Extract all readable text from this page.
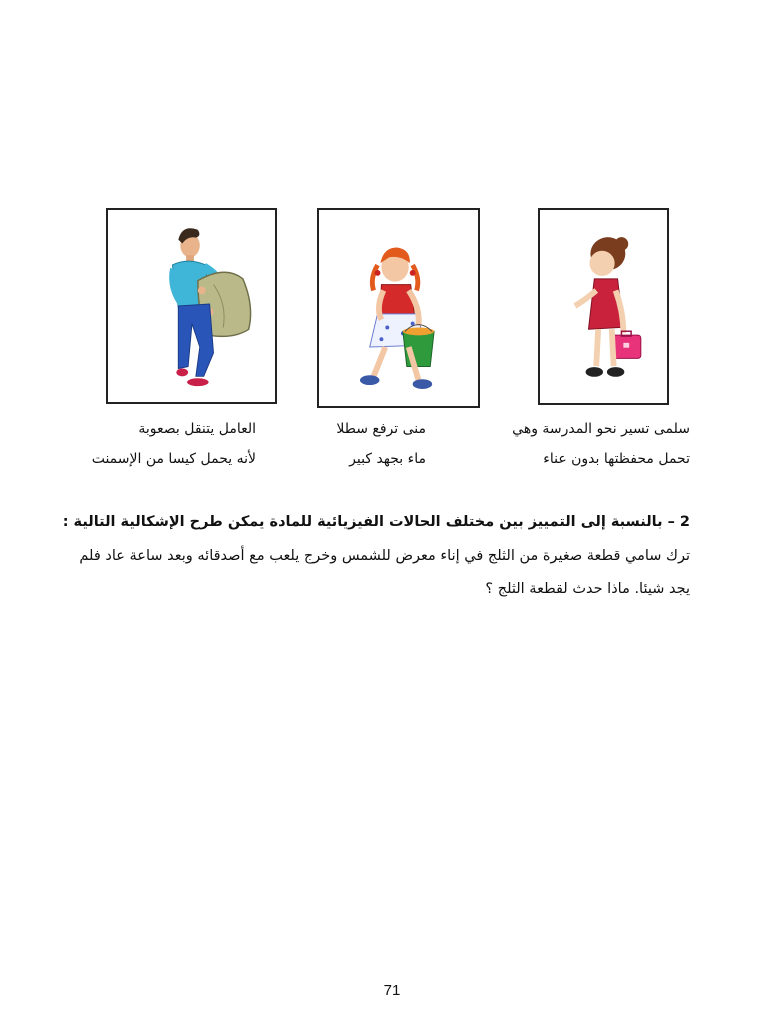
العامل يتنقل بصعوبة
لأنه يحمل كيسا من الإسمنت
منى ترفع سطلا
ماء بجهد كبير
سلمى تسير نحو المدرسة وهي
تحمل محفظتها بدون عناء
2 – بالنسبة إلى التمييز بين مختلف الحالات الفيزيائية للمادة يمكن طرح الإشكالية التالية :
ترك سامي قطعة صغيرة من الثلج في إناء معرض للشمس وخرج يلعب مع أصدقائه وبعد ساعة عاد فلم يجد شيئا. ماذا حدث لقطعة الثلج ؟
71
